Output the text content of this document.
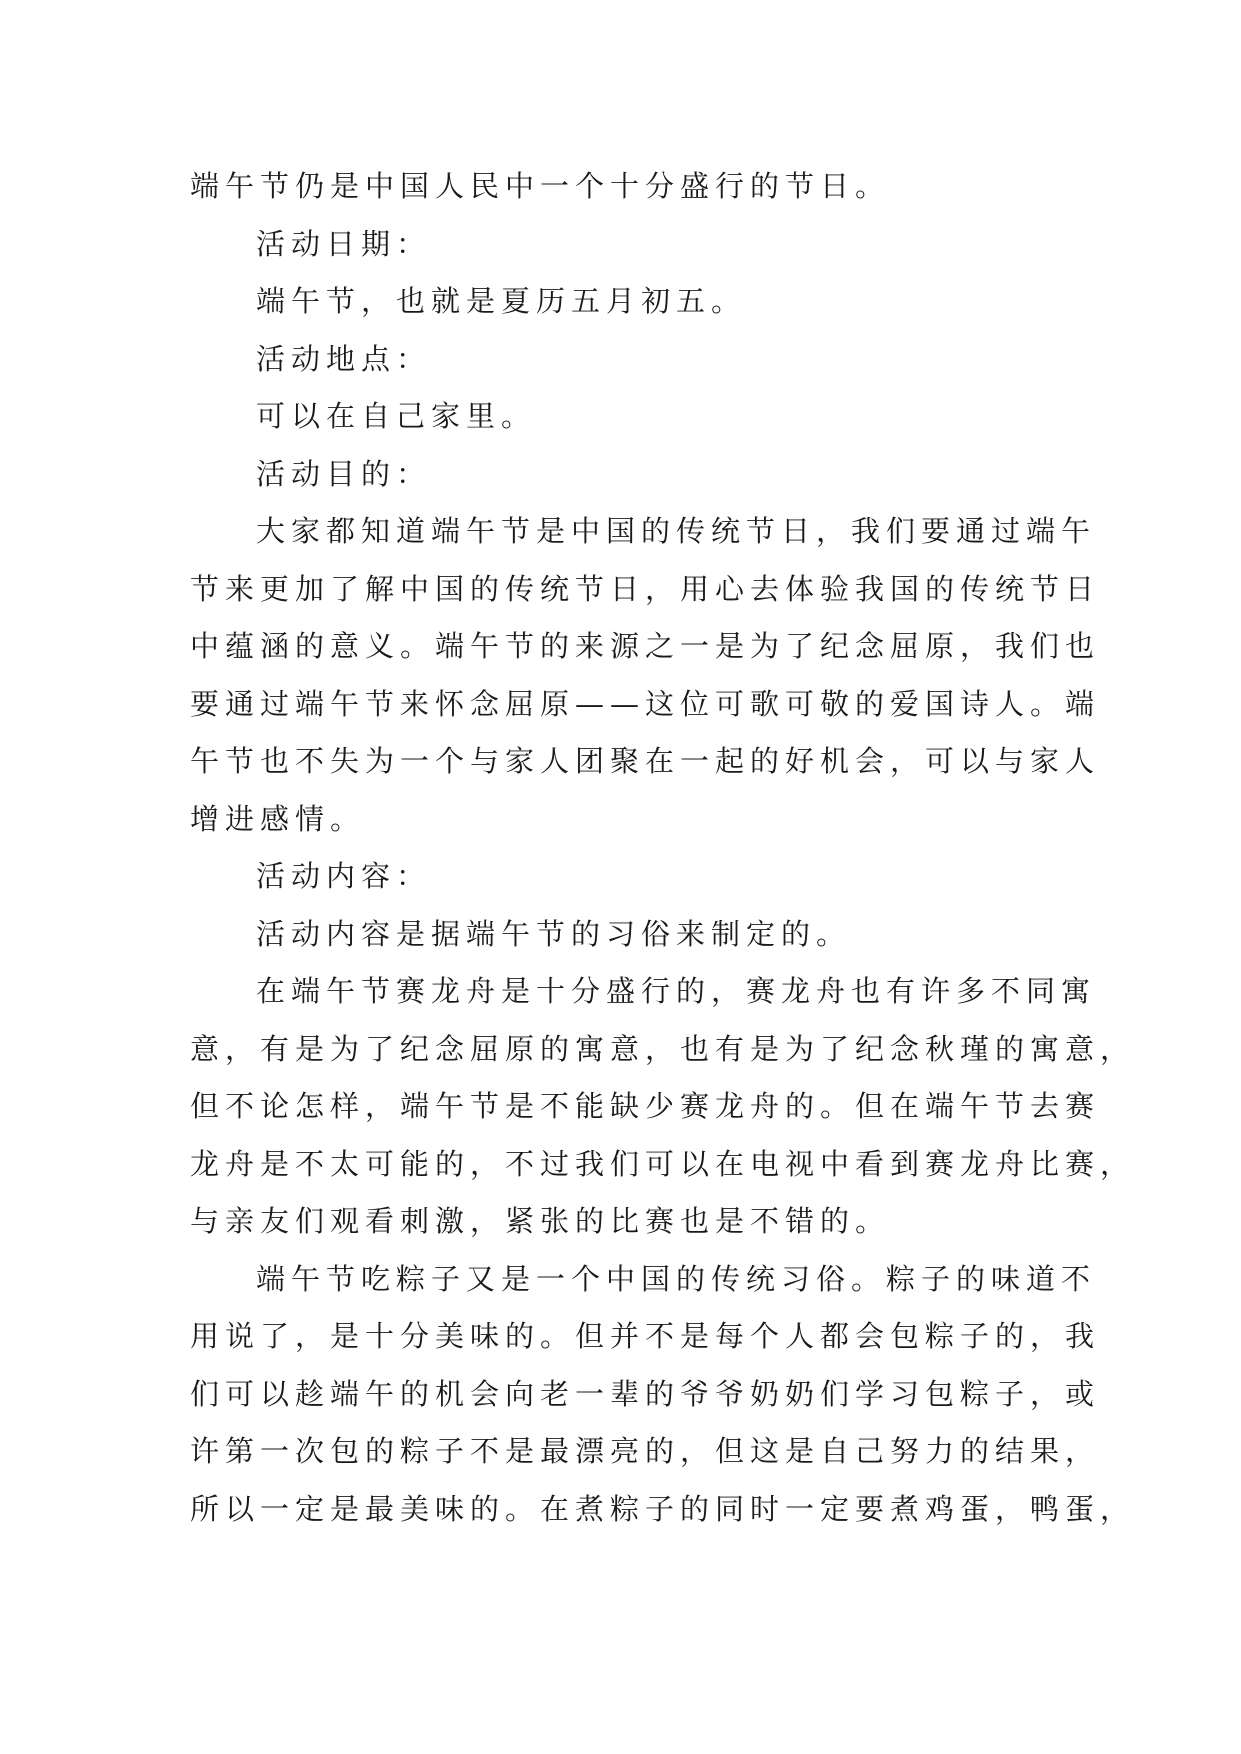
端午节仍是中国人民中一个十分盛行的节日。

活动日期：

端午节，也就是夏历五月初五。

活动地点：

可以在自己家里。

活动目的：

大家都知道端午节是中国的传统节日，我们要通过端午

节来更加了解中国的传统节日，用心去体验我国的传统节日

中蕴涵的意义。端午节的来源之一是为了纪念屈原，我们也

要通过端午节来怀念屈原——这位可歌可敬的爱国诗人。端

午节也不失为一个与家人团聚在一起的好机会，可以与家人

增进感情。

活动内容：

活动内容是据端午节的习俗来制定的。

在端午节赛龙舟是十分盛行的，赛龙舟也有许多不同寓

意，有是为了纪念屈原的寓意，也有是为了纪念秋瑾的寓意，

但不论怎样，端午节是不能缺少赛龙舟的。但在端午节去赛

龙舟是不太可能的，不过我们可以在电视中看到赛龙舟比赛，

与亲友们观看刺激，紧张的比赛也是不错的。

端午节吃粽子又是一个中国的传统习俗。粽子的味道不

用说了，是十分美味的。但并不是每个人都会包粽子的，我

们可以趁端午的机会向老一辈的爷爷奶奶们学习包粽子，或

许第一次包的粽子不是最漂亮的，但这是自己努力的结果，

所以一定是最美味的。在煮粽子的同时一定要煮鸡蛋，鸭蛋，
